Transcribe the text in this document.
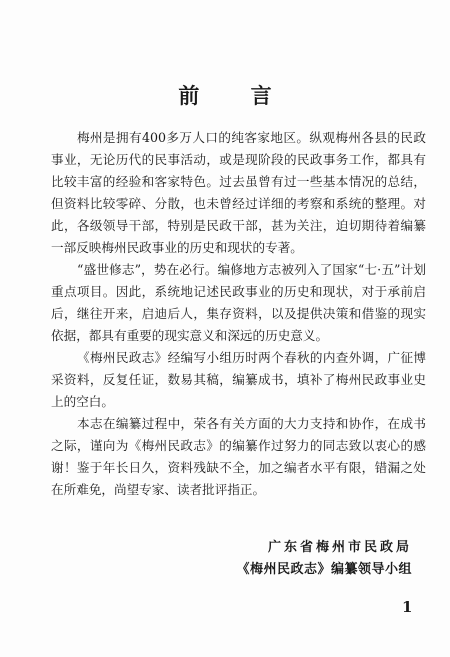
前 言

梅州是拥有400多万人口的纯客家地区。纵观梅州各县的民政事业，无论历代的民事活动，或是现阶段的民政事务工作，都具有比较丰富的经验和客家特色。过去虽曾有过一些基本情况的总结，但资料比较零碎、分散，也未曾经过详细的考察和系统的整理。对此，各级领导干部，特别是民政干部，甚为关注，迫切期待着编纂一部反映梅州民政事业的历史和现状的专著。

“盛世修志”，势在必行。编修地方志被列入了国家“七·五”计划重点项目。因此，系统地记述民政事业的历史和现状，对于承前启后，继往开来，启迪后人，集存资料，以及提供决策和借鉴的现实依据，都具有重要的现实意义和深远的历史意义。

《梅州民政志》经编写小组历时两个春秋的内查外调，广征博采资料，反复任证，数易其稿，编纂成书，填补了梅州民政事业史上的空白。

本志在编纂过程中，荣各有关方面的大力支持和协作，在成书之际，谨向为《梅州民政志》的编纂作过努力的同志致以衷心的感谢！鉴于年长日久，资料残缺不全，加之编者水平有限，错漏之处在所难免，尚望专家、读者批评指正。

广东省梅州市民政局
《梅州民政志》编纂领导小组
1
